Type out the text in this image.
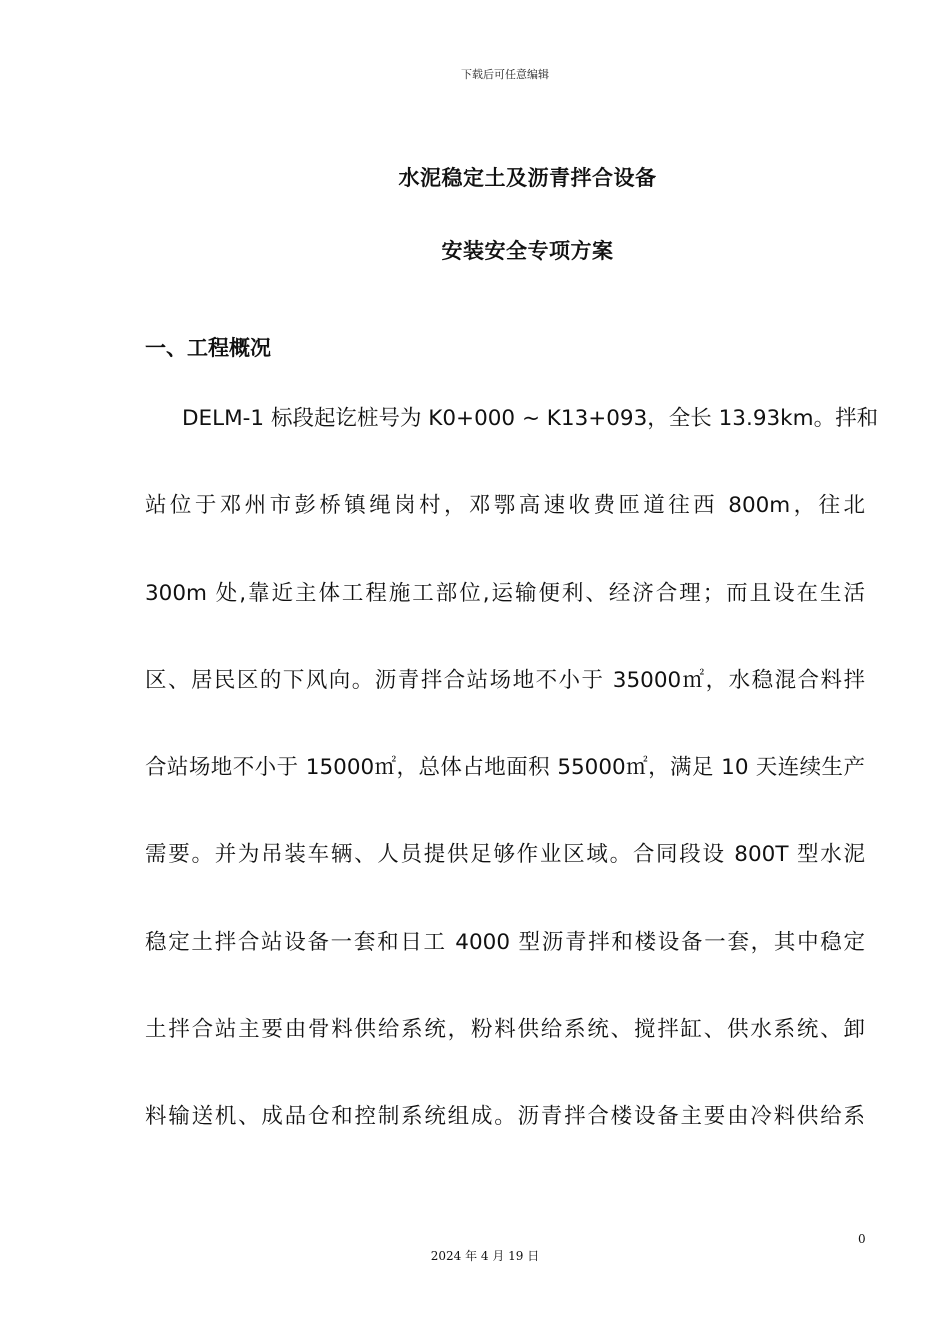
下载后可任意编辑
水泥稳定土及沥青拌合设备
安装安全专项方案
一、工程概况
DELM-1 标段起讫桩号为 K0+000 ~ K13+093，全长 13.93km。拌和
站位于邓州市彭桥镇绳岗村，邓鄂高速收费匝道往西 800m，往北
300m 处,靠近主体工程施工部位,运输便利、经济合理；而且设在生活
区、居民区的下风向。沥青拌合站场地不小于 35000㎡，水稳混合料拌
合站场地不小于 15000㎡，总体占地面积 55000㎡，满足 10 天连续生产
需要。并为吊装车辆、人员提供足够作业区域。合同段设 800T 型水泥
稳定土拌合站设备一套和日工 4000 型沥青拌和楼设备一套，其中稳定
土拌合站主要由骨料供给系统，粉料供给系统、搅拌缸、供水系统、卸
料输送机、成品仓和控制系统组成。沥青拌合楼设备主要由冷料供给系
0
2024 年 4 月 19 日
